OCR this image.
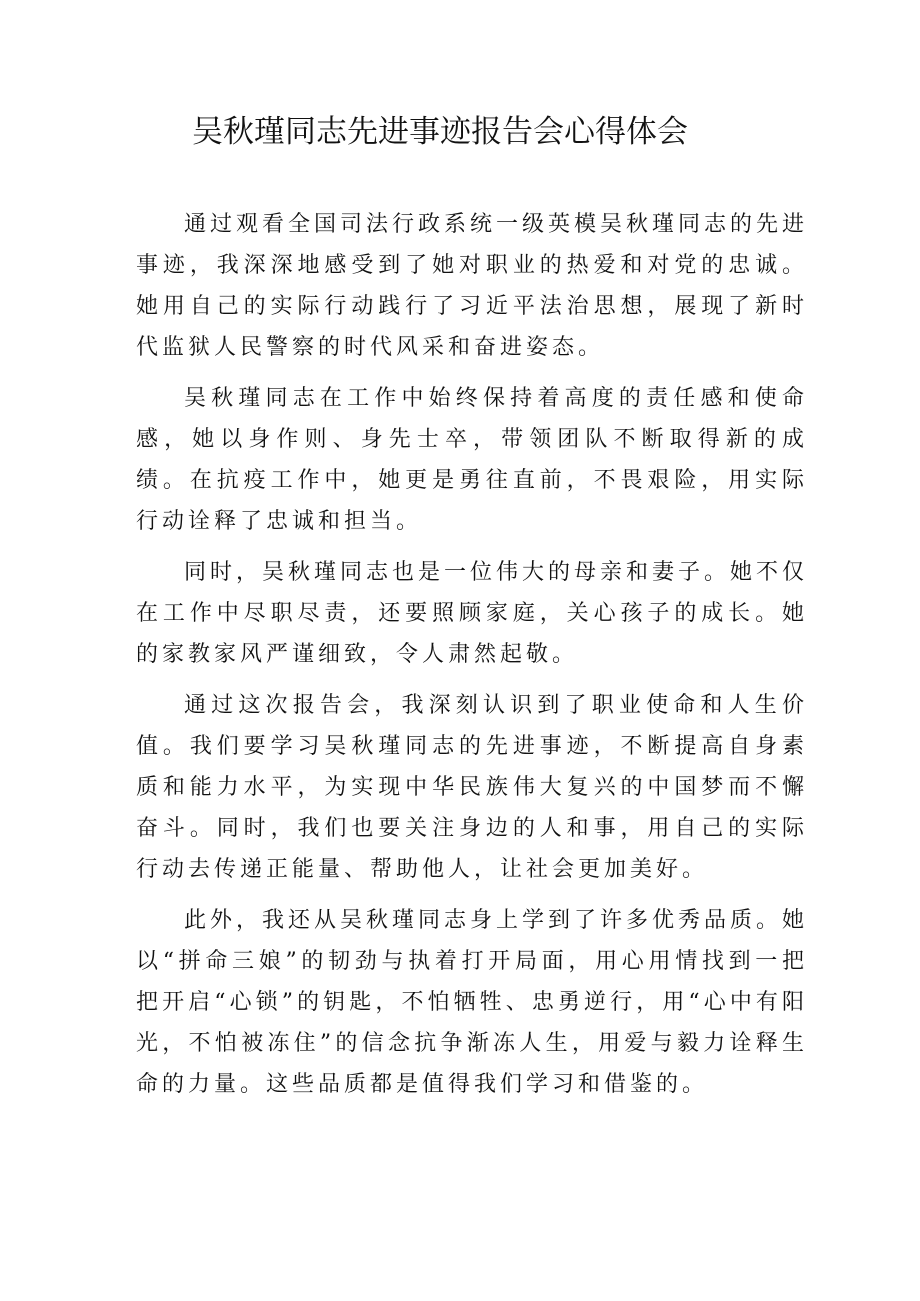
吴秋瑾同志先进事迹报告会心得体会

通过观看全国司法行政系统一级英模吴秋瑾同志的先进事迹，我深深地感受到了她对职业的热爱和对党的忠诚。她用自己的实际行动践行了习近平法治思想，展现了新时代监狱人民警察的时代风采和奋进姿态。

吴秋瑾同志在工作中始终保持着高度的责任感和使命感，她以身作则、身先士卒，带领团队不断取得新的成绩。在抗疫工作中，她更是勇往直前，不畏艰险，用实际行动诠释了忠诚和担当。

同时，吴秋瑾同志也是一位伟大的母亲和妻子。她不仅在工作中尽职尽责，还要照顾家庭，关心孩子的成长。她的家教家风严谨细致，令人肃然起敬。

通过这次报告会，我深刻认识到了职业使命和人生价值。我们要学习吴秋瑾同志的先进事迹，不断提高自身素质和能力水平，为实现中华民族伟大复兴的中国梦而不懈奋斗。同时，我们也要关注身边的人和事，用自己的实际行动去传递正能量、帮助他人，让社会更加美好。

此外，我还从吴秋瑾同志身上学到了许多优秀品质。她以“拼命三娘”的韧劲与执着打开局面，用心用情找到一把把开启“心锁”的钥匙，不怕牺牲、忠勇逆行，用“心中有阳光，不怕被冻住”的信念抗争渐冻人生，用爱与毅力诠释生命的力量。这些品质都是值得我们学习和借鉴的。
